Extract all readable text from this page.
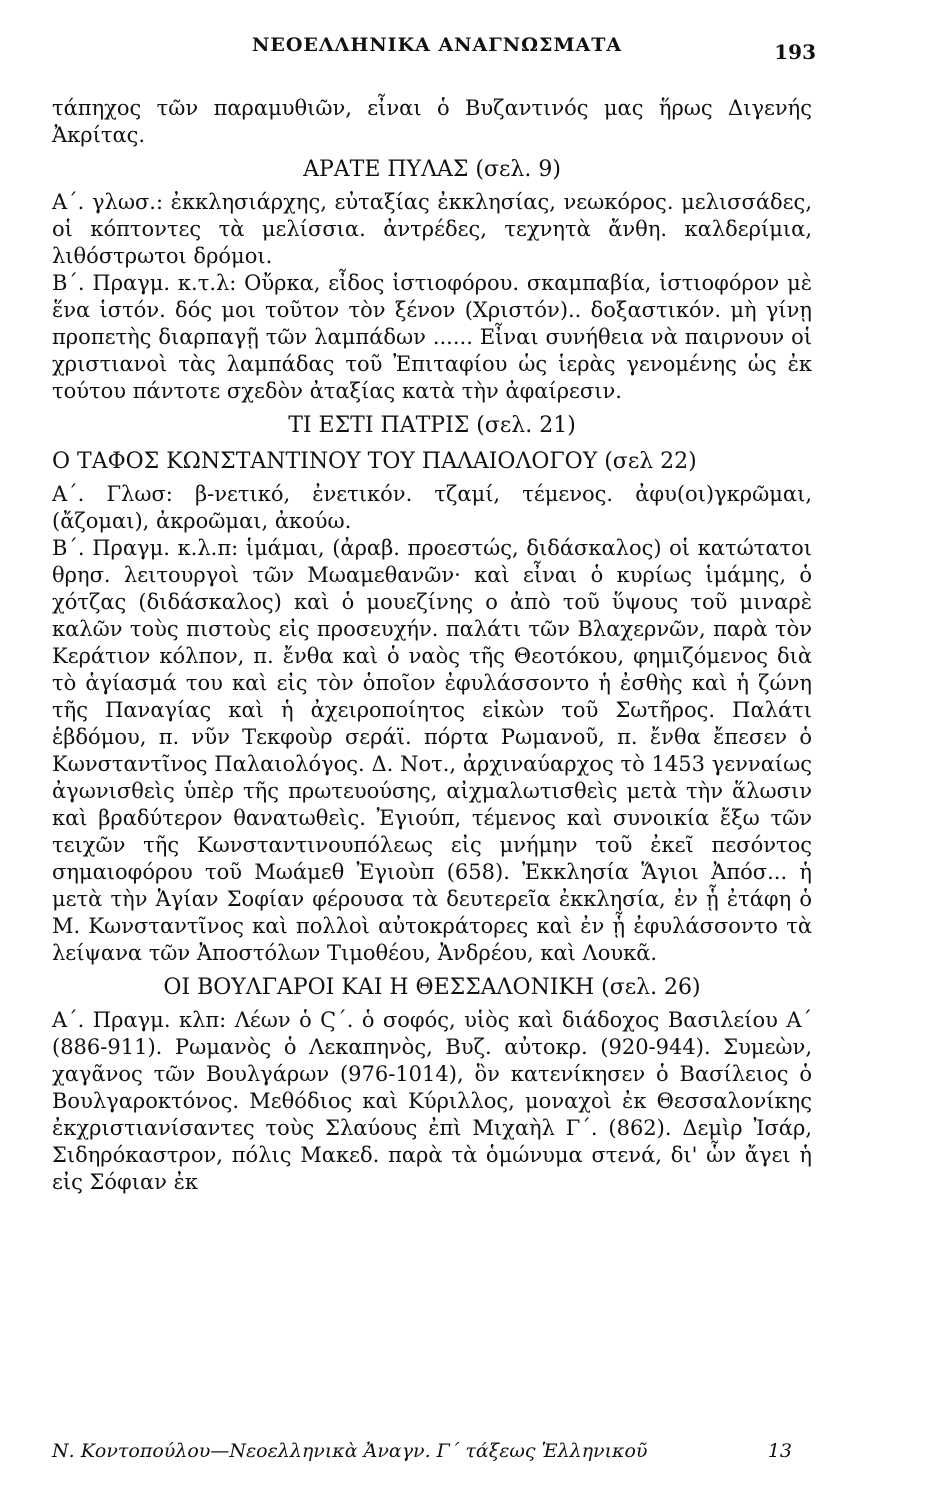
ΝΕΟΕΛΛΗΝΙΚΑ ΑΝΑΓΝΩΣΜΑΤΑ	193

τάπηχος τῶν παραμυθιῶν, εἶναι ὁ Βυζαντινός μας ἥρως Διγενής Ἀκρίτας.

ΑΡΑΤΕ ΠΥΛΑΣ (σελ. 9)

Α΄. γλωσ.: ἐκκλησιάρχης, εὐταξίας ἐκκλησίας, νεωκόρος. μελισσάδες, οἱ κόπτοντες τὰ μελίσσια. ἀντρέδες, τεχνητὰ ἄνθη. καλδερίμια, λιθόστρωτοι δρόμοι.

Β΄. Πραγμ. κ.τ.λ: Οὔρκα, εἶδος ἱστιοφόρου. σκαμπαβία, ἱστιοφόρον μὲ ἕνα ἱστόν. δός μοι τοῦτον τὸν ξένον (Χριστόν).. δοξαστικόν. μὴ γίνῃ προπετὴς διαρπαγῇ τῶν λαμπάδων ...... Εἶναι συνήθεια νὰ παιρνουν οἱ χριστιανοὶ τὰς λαμπάδας τοῦ Ἐπιταφίου ὡς ἱερὰς γενομένης ὡς ἐκ τούτου πάντοτε σχεδὸν ἀταξίας κατὰ τὴν ἀφαίρεσιν.

ΤΙ ΕΣΤΙ ΠΑΤΡΙΣ (σελ. 21)
Ο ΤΑΦΟΣ ΚΩΝΣΤΑΝΤΙΝΟΥ ΤΟΥ ΠΑΛΑΙΟΛΟΓΟΥ (σελ 22)

Α΄. Γλωσ: β-νετικό, ἐνετικόν. τζαμί, τέμενος. ἀφυ(οι)γκρῶμαι, (ἄζομαι), ἀκροῶμαι, ἀκούω.

Β΄. Πραγμ. κ.λ.π: ἱμάμαι, (ἀραβ. προεστώς, διδάσκαλος) οἱ κατώτατοι θρησ. λειτουργοὶ τῶν Μωαμεθανῶν· καὶ εἶναι ὁ κυρίως ἱμάμης, ὁ χότζας (διδάσκαλος) καὶ ὁ μουεζίνης ο ἀπὸ τοῦ ὕψους τοῦ μιναρὲ καλῶν τοὺς πιστοὺς εἰς προσευχήν. παλάτι τῶν Βλαχερνῶν, παρὰ τὸν Κεράτιον κόλπον, π. ἔνθα καὶ ὁ ναὸς τῆς Θεοτόκου, φημιζόμενος διὰ τὸ ἁγίασμά του καὶ εἰς τὸν ὁποῖον ἐφυλάσσοντο ἡ ἐσθὴς καὶ ἡ ζώνη τῆς Παναγίας καὶ ἡ ἀχειροποίητος εἰκὼν τοῦ Σωτῆρος. Παλάτι ἑβδόμου, π. νῦν Τεκφοὺρ σεράϊ. πόρτα Ρωμανοῦ, π. ἔνθα ἔπεσεν ὁ Κωνσταντῖνος Παλαιολόγος. Δ. Νοτ., ἀρχιναύαρχος τὸ 1453 γενναίως ἀγωνισθεὶς ὑπὲρ τῆς πρωτευούσης, αἰχμαλωτισθεὶς μετὰ τὴν ἅλωσιν καὶ βραδύτερον θανατωθεὶς. Ἐγιούπ, τέμενος καὶ συνοικία ἔξω τῶν τειχῶν τῆς Κωνσταντινουπόλεως εἰς μνήμην τοῦ ἐκεῖ πεσόντος σημαιοφόρου τοῦ Μωάμεθ Ἐγιοὺπ (658). Ἐκκλησία Ἅγιοι Ἀπόσ... ἡ μετὰ τὴν Ἁγίαν Σοφίαν φέρουσα τὰ δευτερεῖα ἐκκλησία, ἐν ᾗ ἐτάφη ὁ Μ. Κωνσταντῖνος καὶ πολλοὶ αὐτοκράτορες καὶ ἐν ᾗ ἐφυλάσσοντο τὰ λείψανα τῶν Ἀποστόλων Τιμοθέου, Ἀνδρέου, καὶ Λουκᾶ.

ΟΙ ΒΟΥΛΓΑΡΟΙ ΚΑΙ Η ΘΕΣΣΑΛΟΝΙΚΗ (σελ. 26)

Α΄. Πραγμ. κλπ: Λέων ὁ Ϛ΄. ὁ σοφός, υἱὸς καὶ διάδοχος Βασιλείου Α΄ (886-911). Ρωμανὸς ὁ Λεκαπηνὸς, Βυζ. αὐτοκρ. (920-944). Συμεὼν, χαγᾶνος τῶν Βουλγάρων (976-1014), ὃν κατενίκησεν ὁ Βασίλειος ὁ Βουλγαροκτόνος. Μεθόδιος καὶ Κύριλλος, μοναχοὶ ἐκ Θεσσαλονίκης ἐκχριστιανίσαντες τοὺς Σλαύους ἐπὶ Μιχαὴλ Γ΄. (862). Δεμὶρ Ἰσάρ, Σιδηρόκαστρον, πόλις Μακεδ. παρὰ τὰ ὁμώνυμα στενά, δι' ὧν ἄγει ἡ εἰς Σόφιαν ἐκ

Ν. Κοντοπούλου—Νεοελληνικὰ Ἀναγν. Γ΄ τάξεως Ἑλληνικοῦ	13
